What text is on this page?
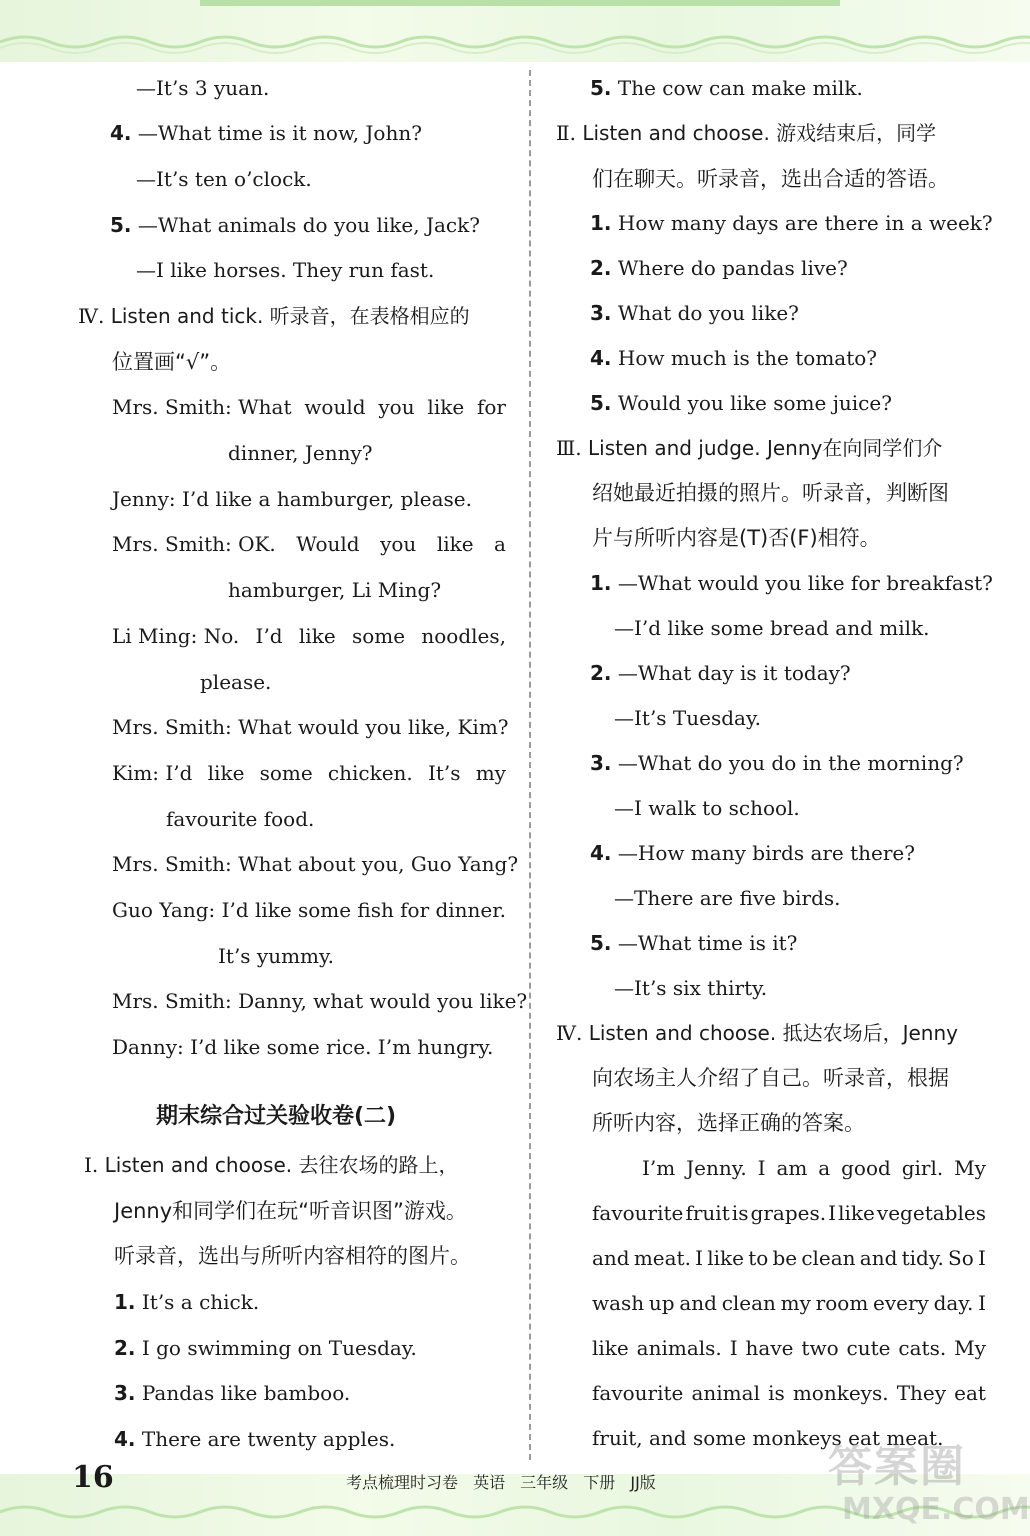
—It’s 3 yuan.
4. —What time is it now, John?
—It’s ten o’clock.
5. —What animals do you like, Jack?
—I like horses. They run fast.
Ⅳ. Listen and tick. 听录音，在表格相应的
位置画“√”。
Mrs. Smith: What would you like for
dinner, Jenny?
Jenny: I’d like a hamburger, please.
Mrs. Smith: OK. Would you like a
hamburger, Li Ming?
Li Ming: No. I’d like some noodles,
please.
Mrs. Smith: What would you like, Kim?
Kim: I’d like some chicken. It’s my
favourite food.
Mrs. Smith: What about you, Guo Yang?
Guo Yang: I’d like some fish for dinner.
It’s yummy.
Mrs. Smith: Danny, what would you like?
Danny: I’d like some rice. I’m hungry.
期末综合过关验收卷(二)
Ⅰ. Listen and choose. 去往农场的路上，
Jenny和同学们在玩“听音识图”游戏。
听录音，选出与所听内容相符的图片。
1. It’s a chick.
2. I go swimming on Tuesday.
3. Pandas like bamboo.
4. There are twenty apples.
5. The cow can make milk.
Ⅱ. Listen and choose. 游戏结束后，同学
们在聊天。听录音，选出合适的答语。
1. How many days are there in a week?
2. Where do pandas live?
3. What do you like?
4. How much is the tomato?
5. Would you like some juice?
Ⅲ. Listen and judge. Jenny在向同学们介
绍她最近拍摄的照片。听录音，判断图
片与所听内容是(T)否(F)相符。
1. —What would you like for breakfast?
—I’d like some bread and milk.
2. —What day is it today?
—It’s Tuesday.
3. —What do you do in the morning?
—I walk to school.
4. —How many birds are there?
—There are five birds.
5. —What time is it?
—It’s six thirty.
Ⅳ. Listen and choose. 抵达农场后，Jenny
向农场主人介绍了自己。听录音，根据
所听内容，选择正确的答案。
I’m Jenny. I am a good girl. My
favourite fruit is grapes. I like vegetables
and meat. I like to be clean and tidy. So I
wash up and clean my room every day. I
like animals. I have two cute cats. My
favourite animal is monkeys. They eat
fruit, and some monkeys eat meat.
16	考点梳理时习卷 英语 三年级 下册 JJ版	答案圈
MXQE.COM
